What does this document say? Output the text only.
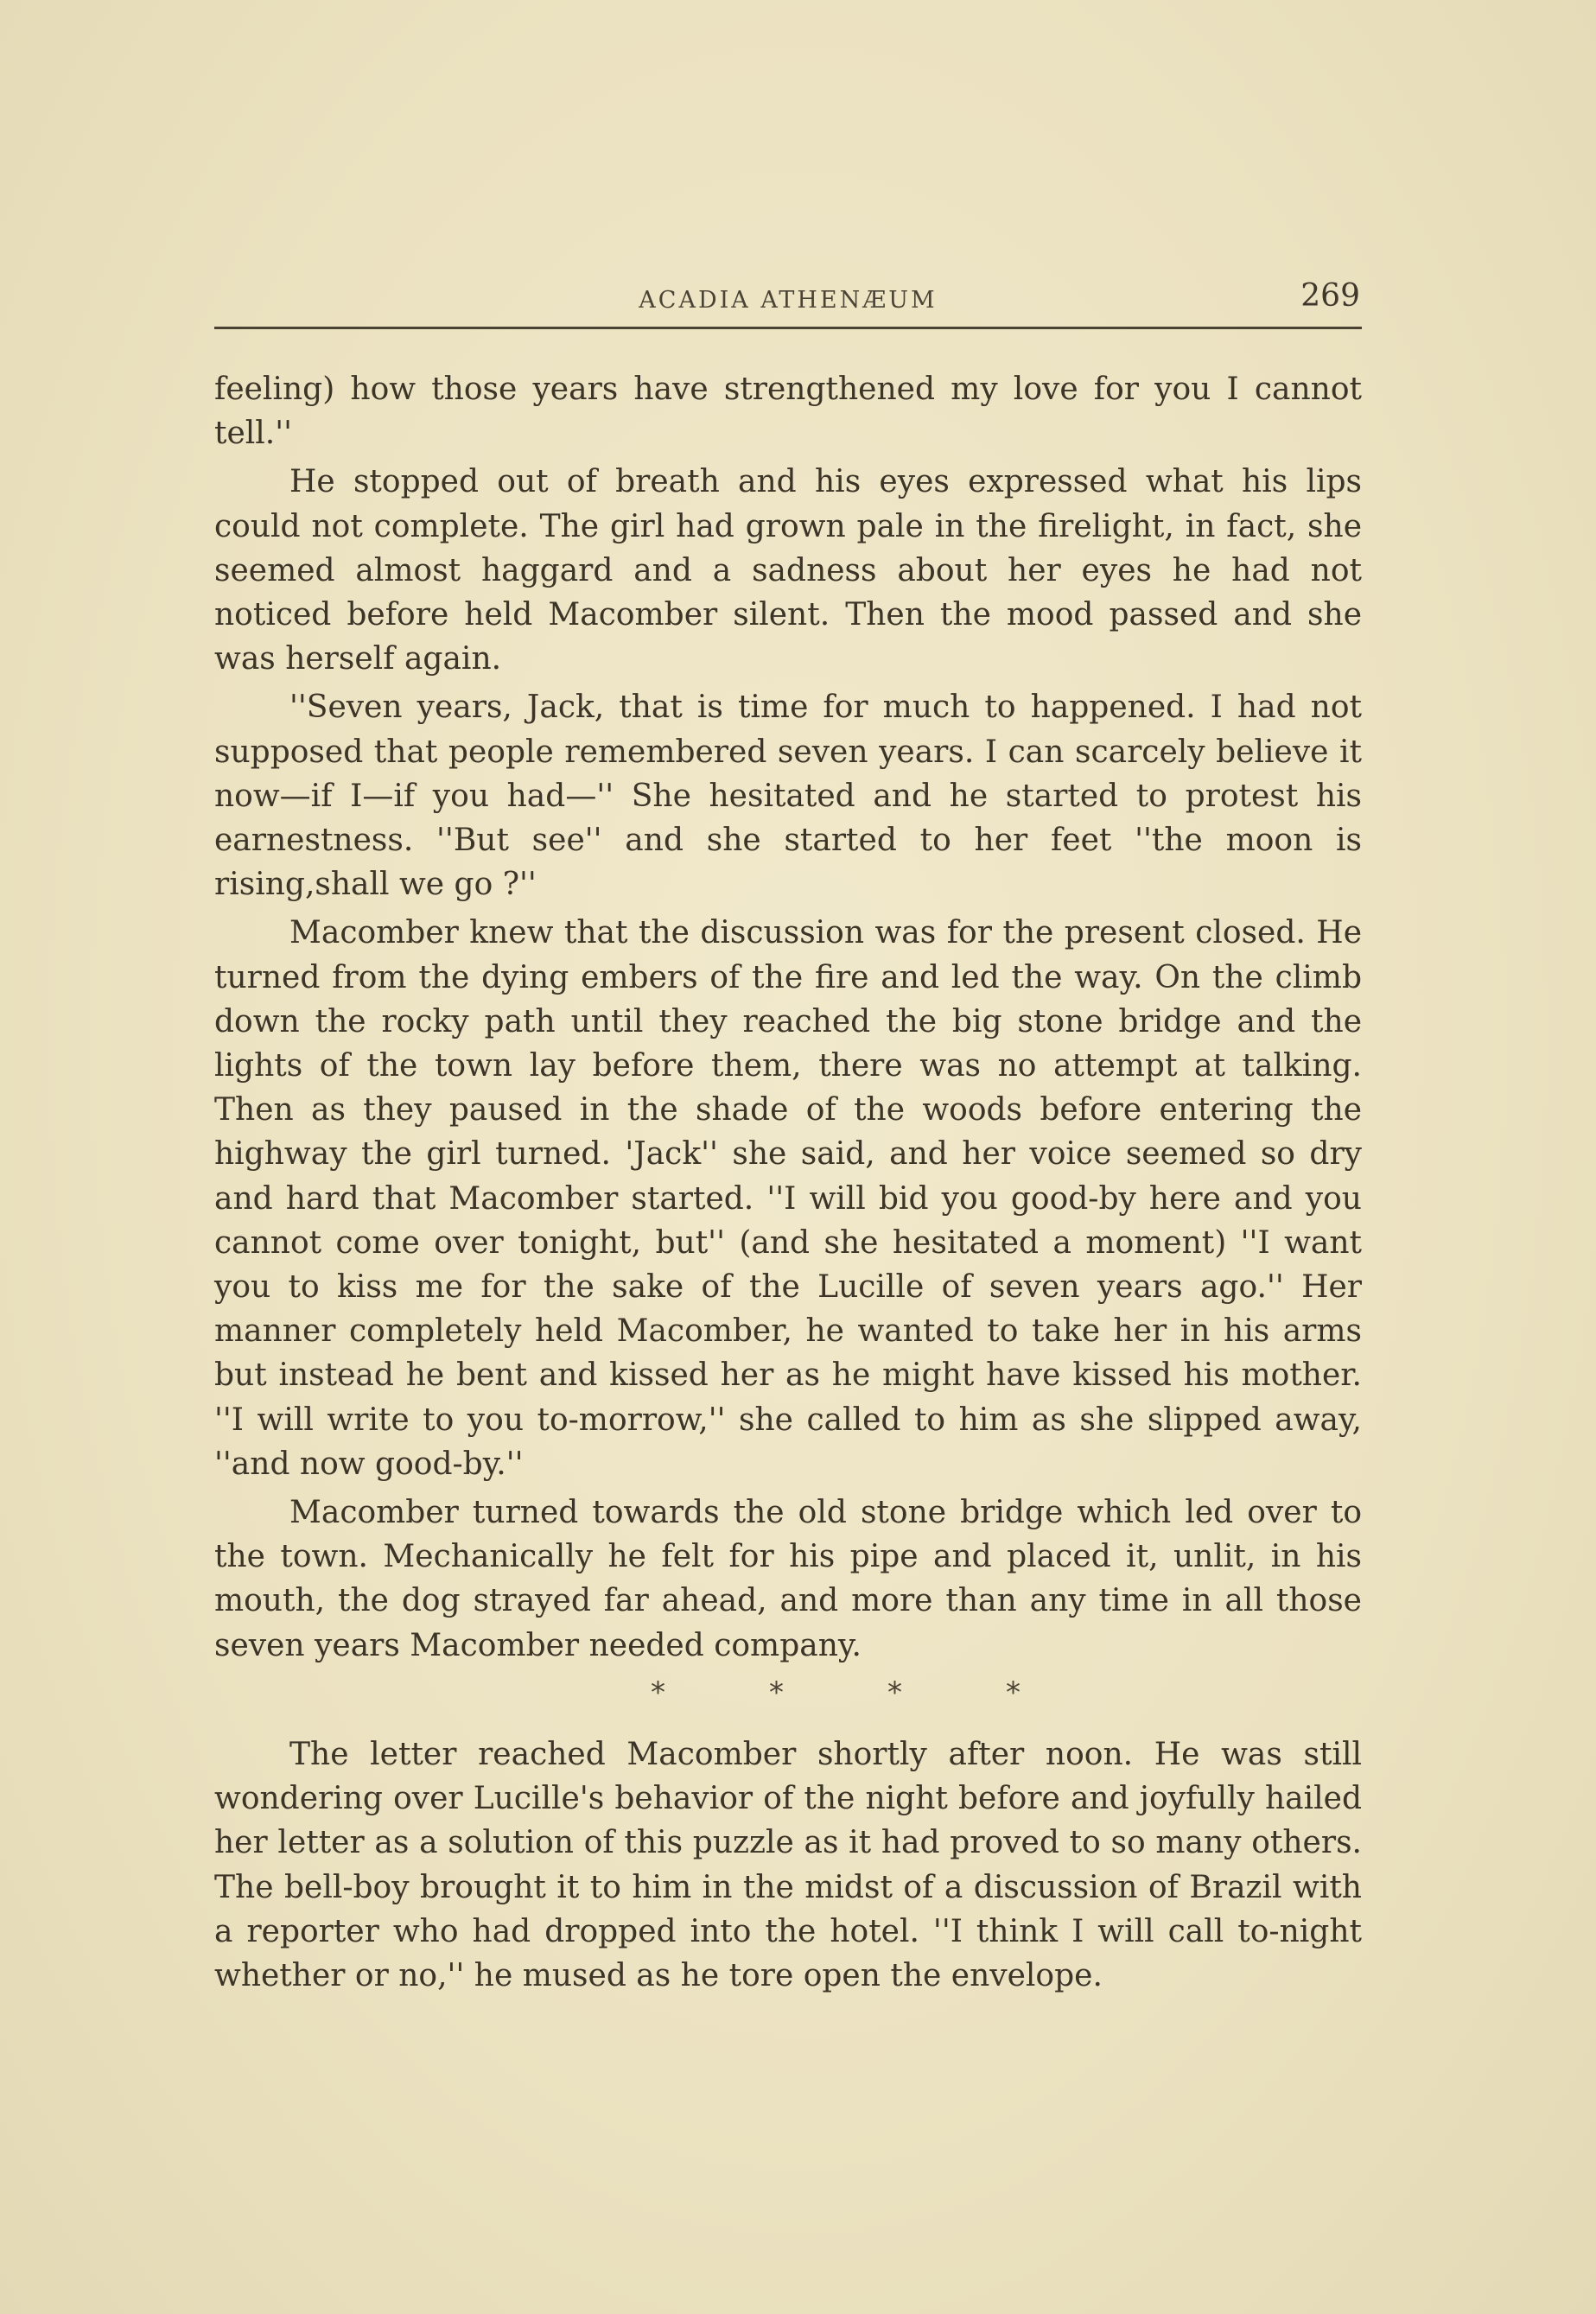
ACADIA ATHENÆUM	269

feeling) how those years have strengthened my love for you I cannot tell.''

He stopped out of breath and his eyes expressed what his lips could not complete. The girl had grown pale in the firelight, in fact, she seemed almost haggard and a sadness about her eyes he had not noticed before held Macomber silent. Then the mood passed and she was herself again.

''Seven years, Jack, that is time for much to happened. I had not supposed that people remembered seven years. I can scarcely believe it now—if I—if you had—'' She hesitated and he started to protest his earnestness. ''But see'' and she started to her feet ''the moon is rising,shall we go ?''

Macomber knew that the discussion was for the present closed. He turned from the dying embers of the fire and led the way. On the climb down the rocky path until they reached the big stone bridge and the lights of the town lay before them, there was no attempt at talking. Then as they paused in the shade of the woods before entering the highway the girl turned. 'Jack'' she said, and her voice seemed so dry and hard that Macomber started. ''I will bid you good-by here and you cannot come over tonight, but'' (and she hesitated a moment) ''I want you to kiss me for the sake of the Lucille of seven years ago.'' Her manner completely held Macomber, he wanted to take her in his arms but instead he bent and kissed her as he might have kissed his mother. ''I will write to you to-morrow,'' she called to him as she slipped away, ''and now good-by.''

Macomber turned towards the old stone bridge which led over to the town. Mechanically he felt for his pipe and placed it, unlit, in his mouth, the dog strayed far ahead, and more than any time in all those seven years Macomber needed company.

*	*	*	*

The letter reached Macomber shortly after noon. He was still wondering over Lucille's behavior of the night before and joyfully hailed her letter as a solution of this puzzle as it had proved to so many others. The bell-boy brought it to him in the midst of a discussion of Brazil with a reporter who had dropped into the hotel. ''I think I will call to-night whether or no,'' he mused as he tore open the envelope.
